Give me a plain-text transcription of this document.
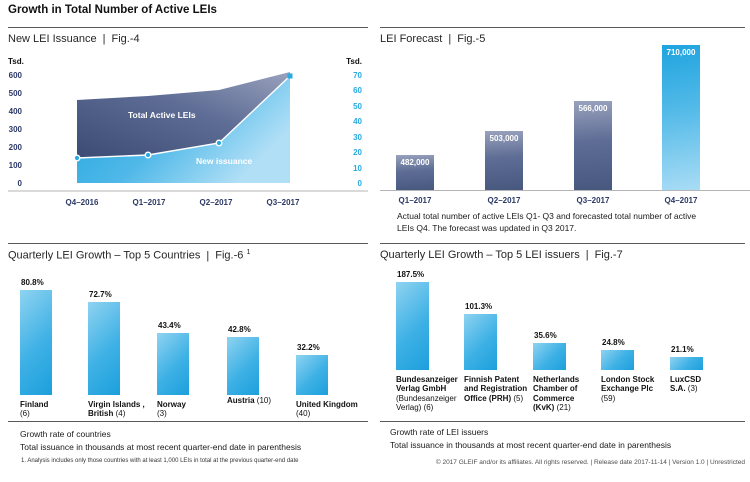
Growth in Total Number of Active LEIs
New LEI Issuance | Fig.-4
Tsd.	Tsd.
600
500
400
300
200
100
0
70
60
50
40
30
20
10
0
Total Active LEIs
New issuance
Q4–2016	Q1–2017	Q2–2017	Q3–2017
LEI Forecast | Fig.-5
482,000
503,000
566,000
710,000
Q1–2017	Q2–2017	Q3–2017	Q4–2017
Actual total number of active LEIs Q1- Q3 and forecasted total number of active
LEIs Q4. The forecast was updated in Q3 2017.
Quarterly LEI Growth – Top 5 Countries | Fig.-6 $^1$
80.8%
72.7%
43.4%	42.8%
32.2%
Finland
(6)
Virgin Islands , British (4)
Norway
(3)
Austria (10)	United Kingdom
(40)
Growth rate of countries
Total issuance in thousands at most recent quarter-end date in parenthesis
1. Analysis includes only those countries with at least 1,000 LEIs in total at the previous quarter-end date
Quarterly LEI Growth – Top 5 LEI issuers | Fig.-7
187.5%
101.3%
35.6%
24.8%
21.1%
Bundesanzeiger Verlag GmbH (Bundesanzeiger Verlag) (6)
Finnish Patent and Registration Office (PRH) (5)
Netherlands Chamber of Commerce (KvK) (21)
London Stock Exchange Plc (59)
LuxCSD S.A. (3)
Growth rate of LEI issuers
Total issuance in thousands at most recent quarter-end date in parenthesis
© 2017 GLEIF and/or its affiliates. All rights reserved. | Release date 2017-11-14 | Version 1.0 | Unrestricted
